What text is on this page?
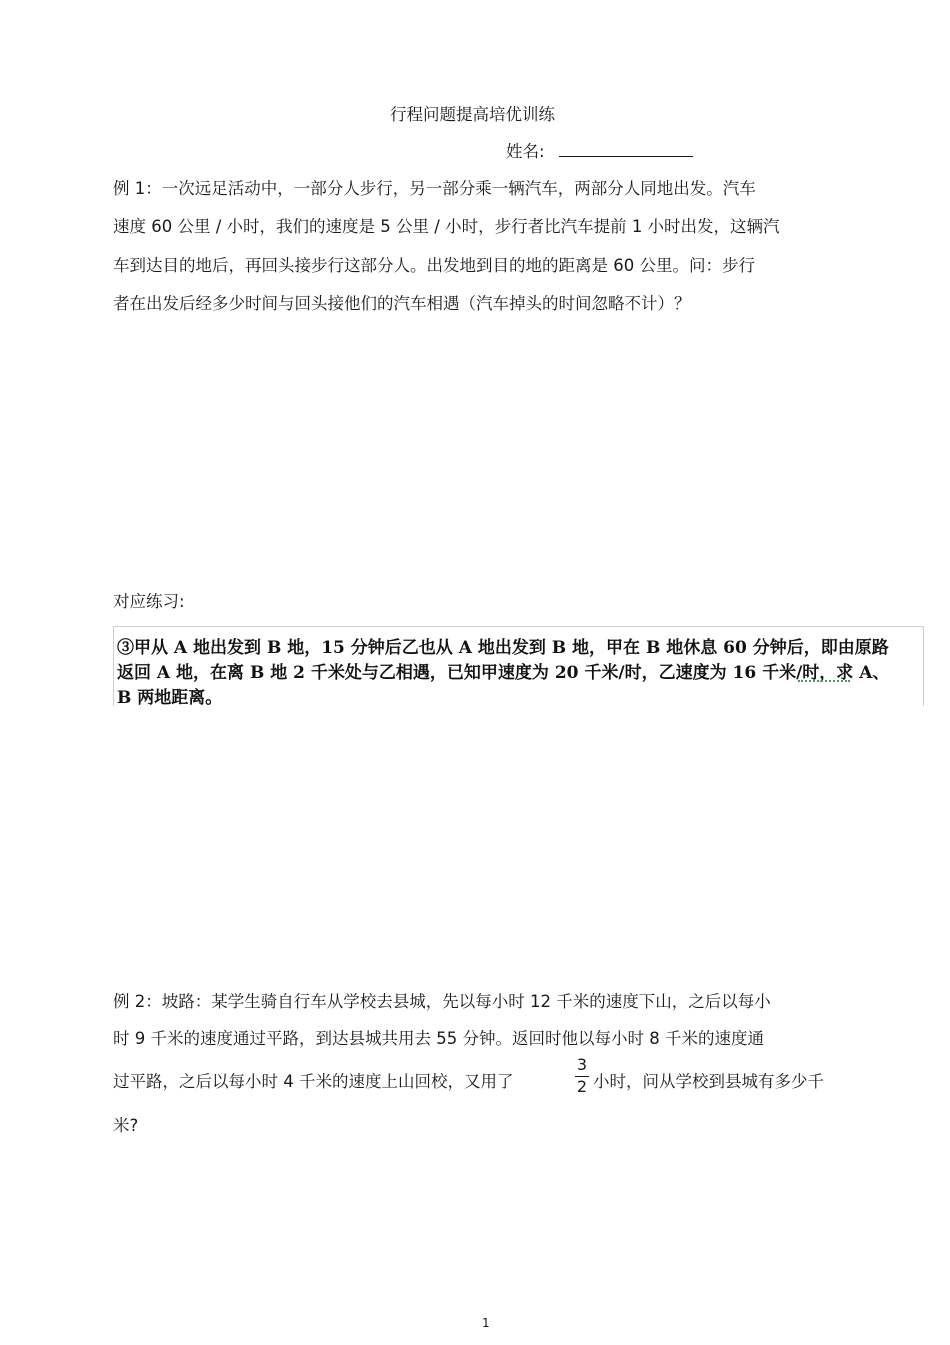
行程问题提高培优训练
姓名:
例 1：一次远足活动中，一部分人步行，另一部分乘一辆汽车，两部分人同地出发。汽车
速度 60 公里 / 小时，我们的速度是 5 公里 / 小时，步行者比汽车提前 1 小时出发，这辆汽
车到达目的地后，再回头接步行这部分人。出发地到目的地的距离是 60 公里。问：步行
者在出发后经多少时间与回头接他们的汽车相遇（汽车掉头的时间忽略不计）？
对应练习:
③甲从 A 地出发到 B 地，15 分钟后乙也从 A 地出发到 B 地，甲在 B 地休息 60 分钟后，即由原路
返回 A 地，在离 B 地 2 千米处与乙相遇，已知甲速度为 20 千米/时，乙速度为 16 千米/时，求 A、
B 两地距离。
例 2：坡路：某学生骑自行车从学校去县城，先以每小时 12 千米的速度下山，之后以每小
时 9 千米的速度通过平路，到达县城共用去 55 分钟。返回时他以每小时 8 千米的速度通
过平路，之后以每小时 4 千米的速度上山回校，又用了
3
2 小时，问从学校到县城有多少千
米?
1
